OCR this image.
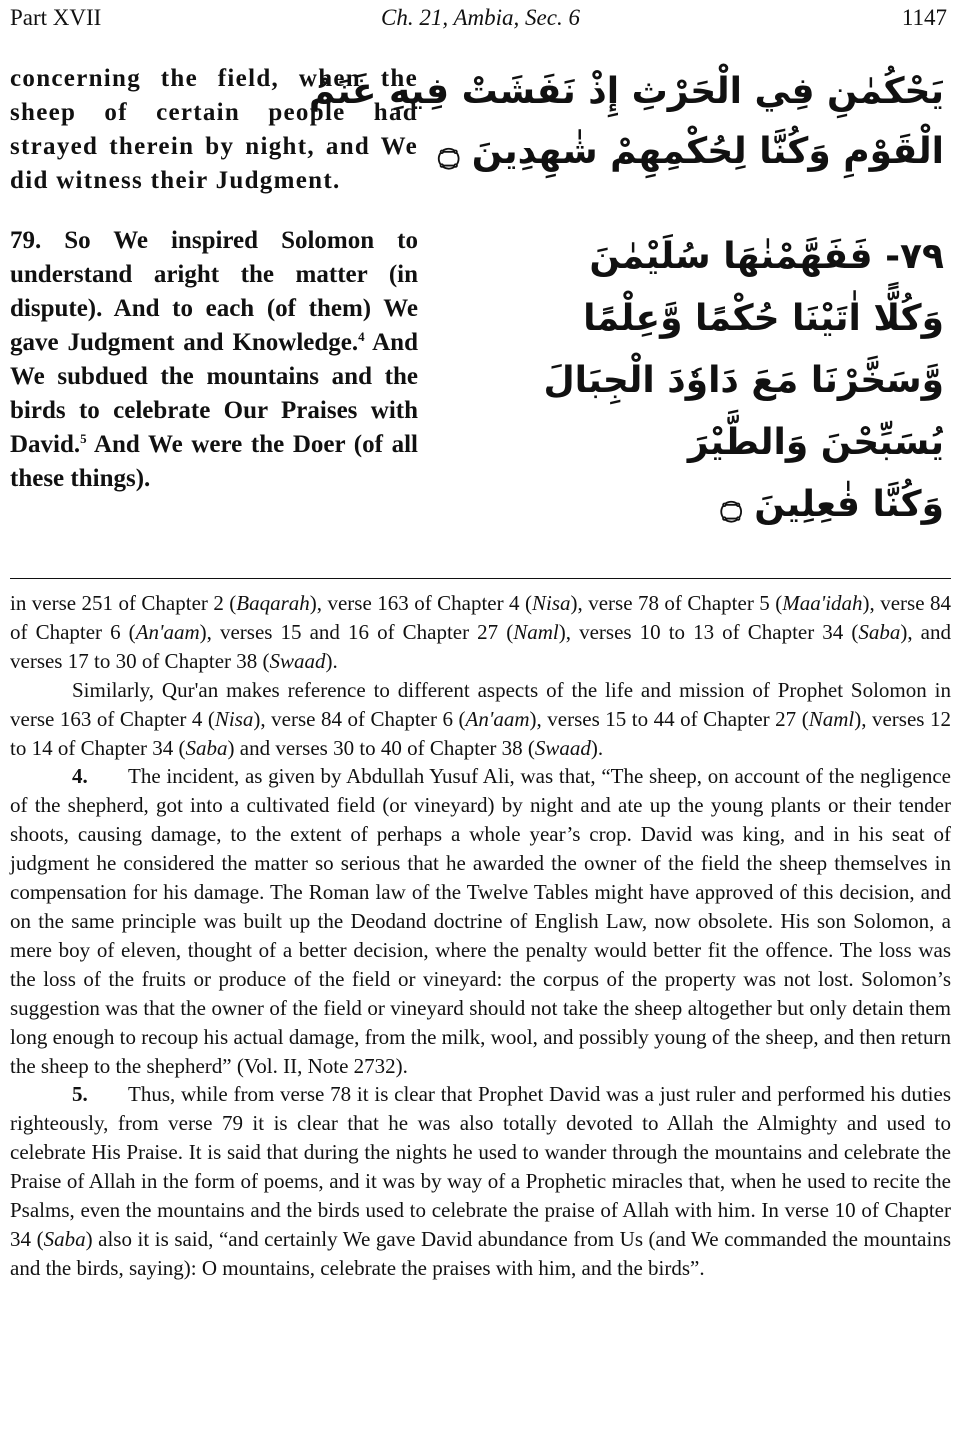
Part XVII	Ch. 21, Ambia, Sec. 6	1147

concerning the field, when the sheep of certain people had strayed therein by night, and We did witness their Judgment.

79. So We inspired Solomon to understand aright the matter (in dispute). And to each (of them) We gave Judgment and Knowledge.$^4$ And We subdued the mountains and the birds to celebrate Our Praises with David.$^5$ And We were the Doer (of all these things).

يَحْكُمٰنِ فِي الْحَرْثِ إِذْ نَفَشَتْ فِيهِ غَنَمُ
الْقَوْمِ وَكُنَّا لِحُكْمِهِمْ شٰهِدِينَ ۝
٧٩- فَفَهَّمْنٰهَا سُلَيْمٰنَ
وَكُلًّا اٰتَيْنَا حُكْمًا وَّعِلْمًا
وَّسَخَّرْنَا مَعَ دَاوٗدَ الْجِبَالَ
يُسَبِّحْنَ وَالطَّيْرَ
وَكُنَّا فٰعِلِينَ ۝

in verse 251 of Chapter 2 (Baqarah), verse 163 of Chapter 4 (Nisa), verse 78 of Chapter 5 (Maa'idah), verse 84 of Chapter 6 (An'aam), verses 15 and 16 of Chapter 27 (Naml), verses 10 to 13 of Chapter 34 (Saba), and verses 17 to 30 of Chapter 38 (Swaad).

Similarly, Qur'an makes reference to different aspects of the life and mission of Prophet Solomon in verse 163 of Chapter 4 (Nisa), verse 84 of Chapter 6 (An'aam), verses 15 to 44 of Chapter 27 (Naml), verses 12 to 14 of Chapter 34 (Saba) and verses 30 to 40 of Chapter 38 (Swaad).

4. The incident, as given by Abdullah Yusuf Ali, was that, “The sheep, on account of the negligence of the shepherd, got into a cultivated field (or vineyard) by night and ate up the young plants or their tender shoots, causing damage, to the extent of perhaps a whole year’s crop. David was king, and in his seat of judgment he considered the matter so serious that he awarded the owner of the field the sheep themselves in compensation for his damage. The Roman law of the Twelve Tables might have approved of this decision, and on the same principle was built up the Deodand doctrine of English Law, now obsolete. His son Solomon, a mere boy of eleven, thought of a better decision, where the penalty would better fit the offence. The loss was the loss of the fruits or produce of the field or vineyard: the corpus of the property was not lost. Solomon’s suggestion was that the owner of the field or vineyard should not take the sheep altogether but only detain them long enough to recoup his actual damage, from the milk, wool, and possibly young of the sheep, and then return the sheep to the shepherd” (Vol. II, Note 2732).

5. Thus, while from verse 78 it is clear that Prophet David was a just ruler and performed his duties righteously, from verse 79 it is clear that he was also totally devoted to Allah the Almighty and used to celebrate His Praise. It is said that during the nights he used to wander through the mountains and celebrate the Praise of Allah in the form of poems, and it was by way of a Prophetic miracles that, when he used to recite the Psalms, even the mountains and the birds used to celebrate the praise of Allah with him. In verse 10 of Chapter 34 (Saba) also it is said, “and certainly We gave David abundance from Us (and We commanded the mountains and the birds, saying): O mountains, celebrate the praises with him, and the birds”.
